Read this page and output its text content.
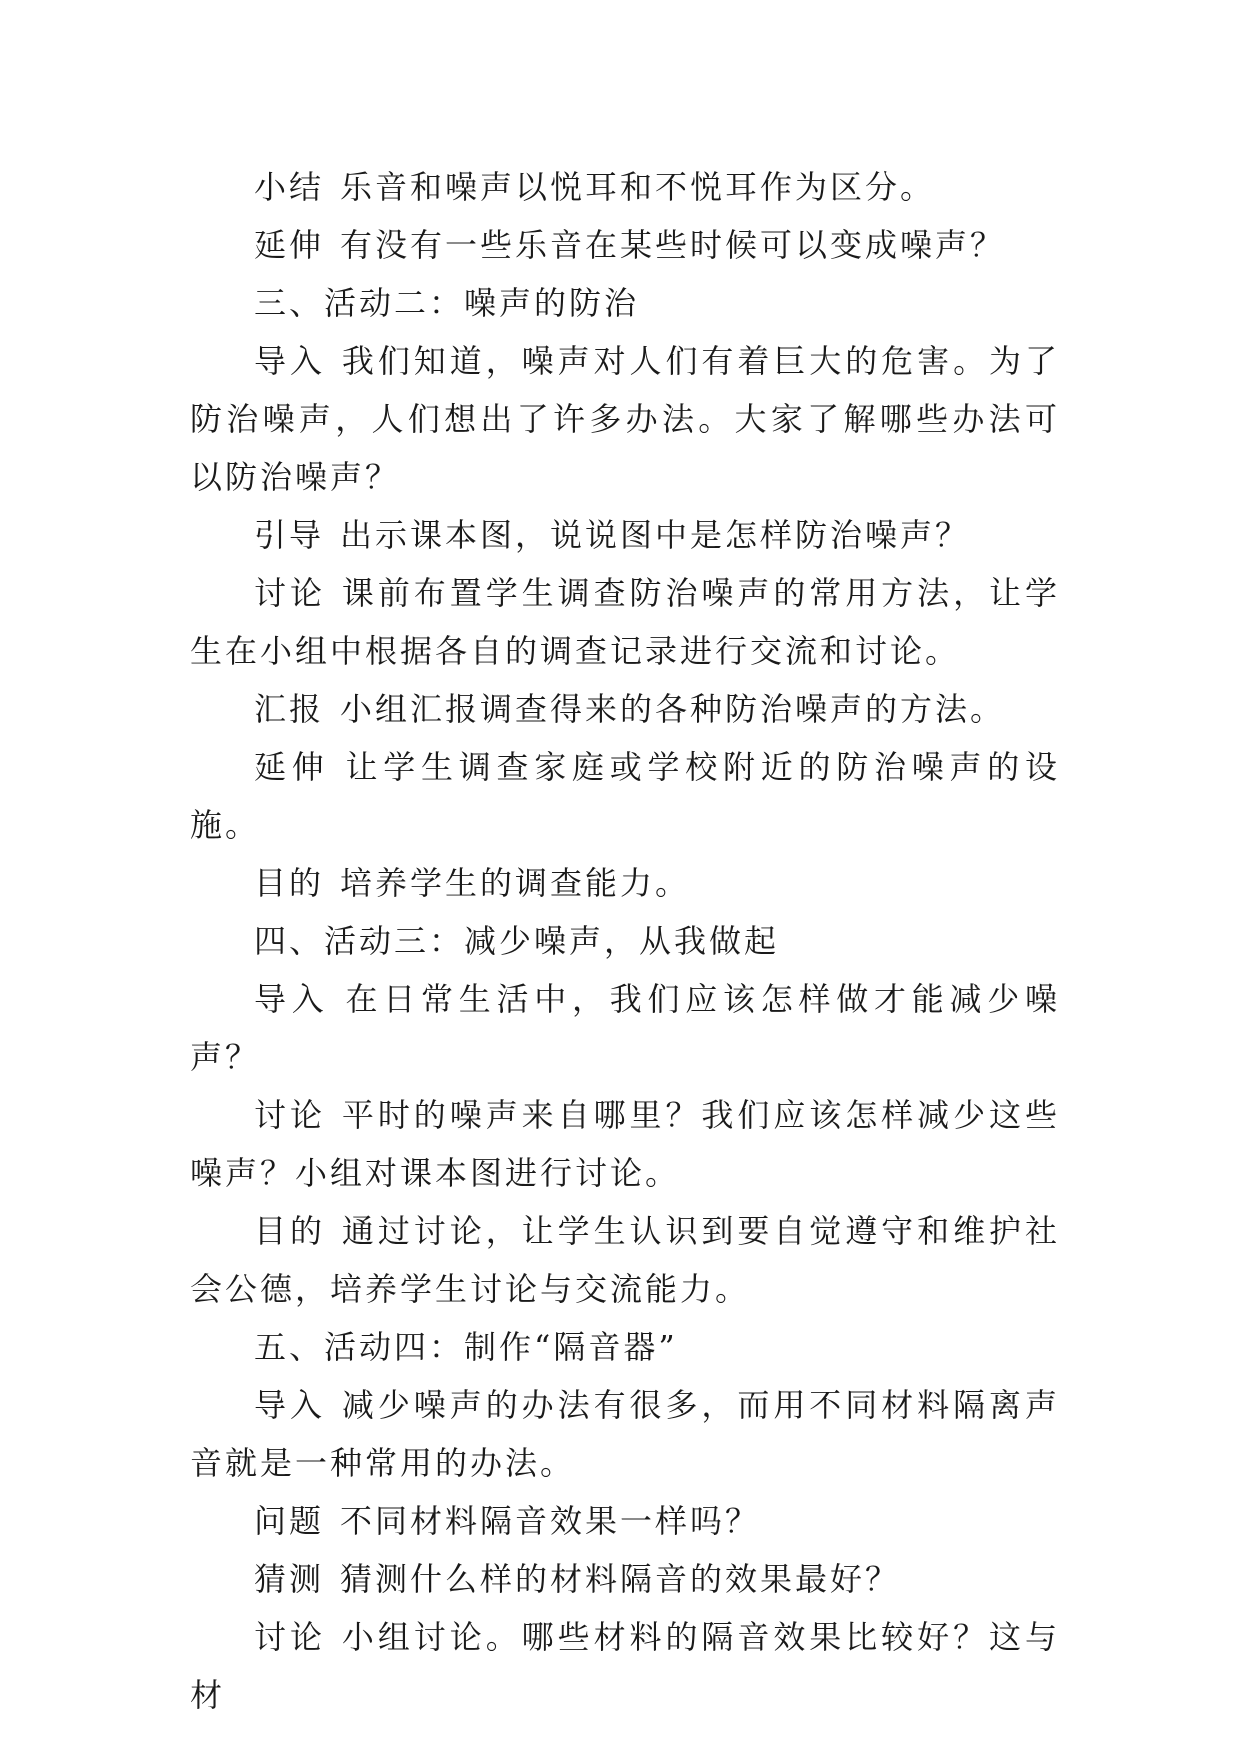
小结 乐音和噪声以悦耳和不悦耳作为区分。

延伸 有没有一些乐音在某些时候可以变成噪声？

三、活动二：噪声的防治

导入 我们知道，噪声对人们有着巨大的危害。为了防治噪声，人们想出了许多办法。大家了解哪些办法可以防治噪声？

引导 出示课本图，说说图中是怎样防治噪声？

讨论 课前布置学生调查防治噪声的常用方法，让学生在小组中根据各自的调查记录进行交流和讨论。

汇报 小组汇报调查得来的各种防治噪声的方法。

延伸 让学生调查家庭或学校附近的防治噪声的设施。

目的 培养学生的调查能力。

四、活动三：减少噪声，从我做起

导入 在日常生活中，我们应该怎样做才能减少噪声？

讨论 平时的噪声来自哪里？我们应该怎样减少这些噪声？小组对课本图进行讨论。

目的 通过讨论，让学生认识到要自觉遵守和维护社会公德，培养学生讨论与交流能力。

五、活动四：制作“隔音器”

导入 减少噪声的办法有很多，而用不同材料隔离声音就是一种常用的办法。

问题 不同材料隔音效果一样吗？

猜测 猜测什么样的材料隔音的效果最好？

讨论 小组讨论。哪些材料的隔音效果比较好？这与材
